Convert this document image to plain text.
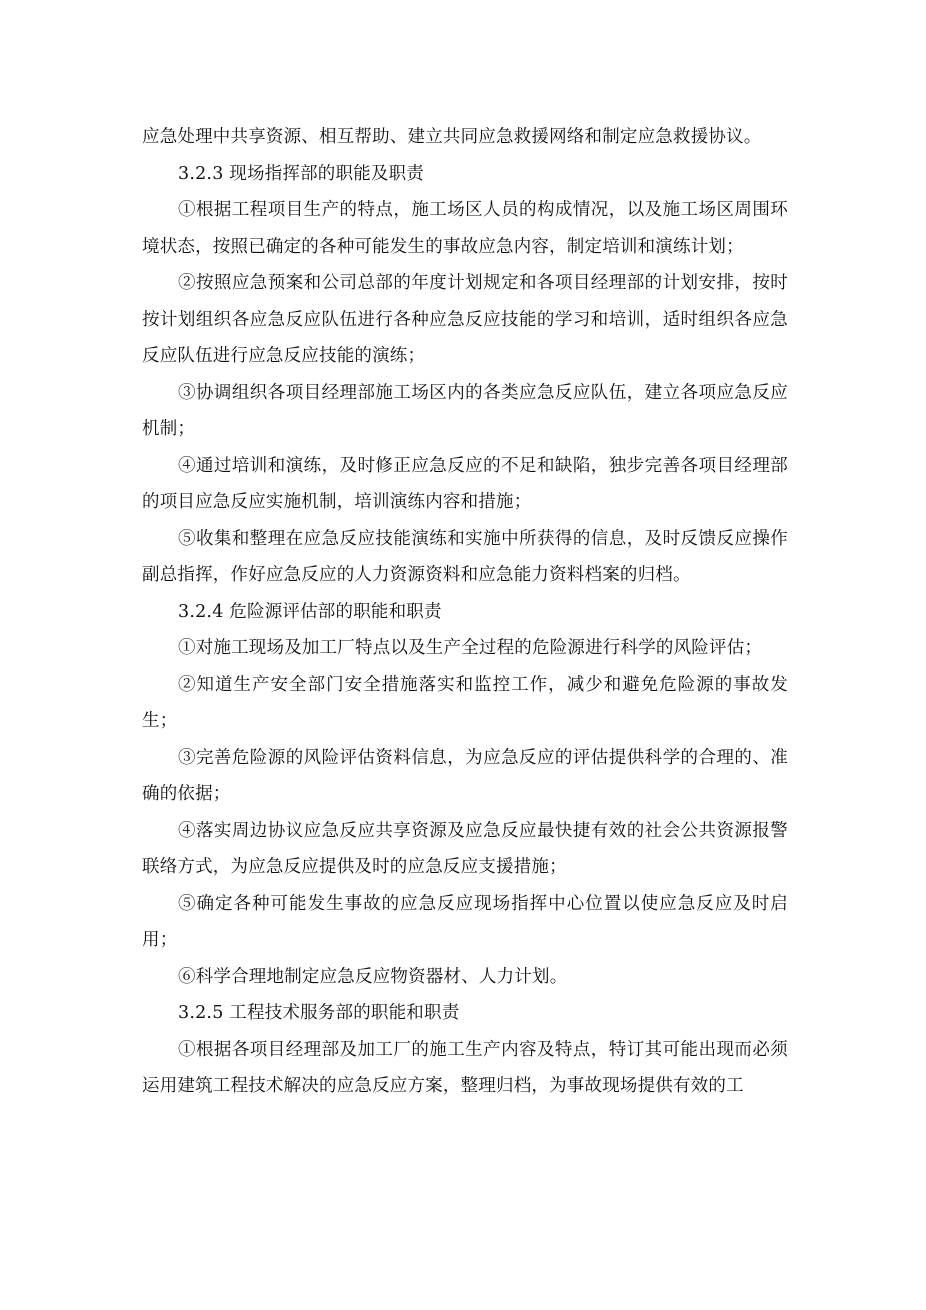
应急处理中共享资源、相互帮助、建立共同应急救援网络和制定应急救援协议。

3.2.3 现场指挥部的职能及职责

①根据工程项目生产的特点，施工场区人员的构成情况，以及施工场区周围环境状态，按照已确定的各种可能发生的事故应急内容，制定培训和演练计划；

②按照应急预案和公司总部的年度计划规定和各项目经理部的计划安排，按时按计划组织各应急反应队伍进行各种应急反应技能的学习和培训，适时组织各应急反应队伍进行应急反应技能的演练；

③协调组织各项目经理部施工场区内的各类应急反应队伍，建立各项应急反应机制；

④通过培训和演练，及时修正应急反应的不足和缺陷，独步完善各项目经理部的项目应急反应实施机制，培训演练内容和措施；

⑤收集和整理在应急反应技能演练和实施中所获得的信息，及时反馈反应操作副总指挥，作好应急反应的人力资源资料和应急能力资料档案的归档。

3.2.4 危险源评估部的职能和职责

①对施工现场及加工厂特点以及生产全过程的危险源进行科学的风险评估；

②知道生产安全部门安全措施落实和监控工作，减少和避免危险源的事故发生；

③完善危险源的风险评估资料信息，为应急反应的评估提供科学的合理的、准确的依据；

④落实周边协议应急反应共享资源及应急反应最快捷有效的社会公共资源报警联络方式，为应急反应提供及时的应急反应支援措施；

⑤确定各种可能发生事故的应急反应现场指挥中心位置以使应急反应及时启用；

⑥科学合理地制定应急反应物资器材、人力计划。

3.2.5 工程技术服务部的职能和职责

①根据各项目经理部及加工厂的施工生产内容及特点，特订其可能出现而必须运用建筑工程技术解决的应急反应方案，整理归档，为事故现场提供有效的工
